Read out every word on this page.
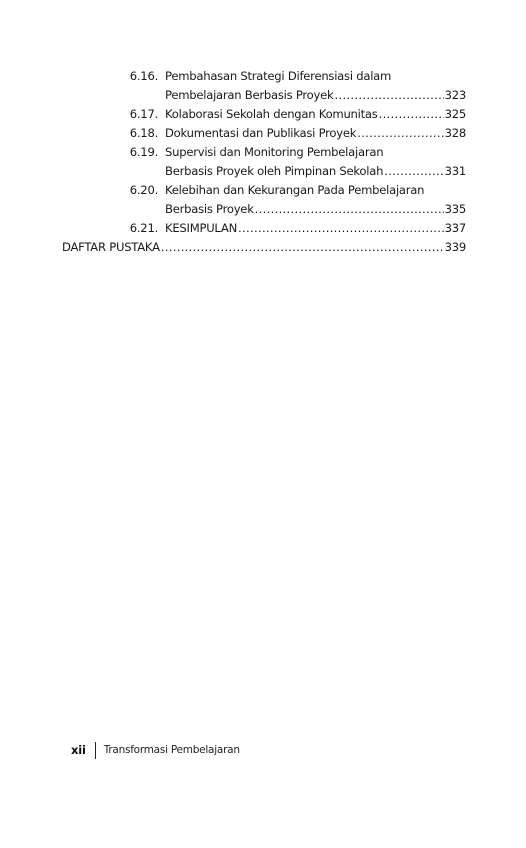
6.16. Pembahasan Strategi Diferensiasi dalam
Pembelajaran Berbasis Proyek .....	323
6.17. Kolaborasi Sekolah dengan Komunitas .....	325
6.18. Dokumentasi dan Publikasi Proyek .....	328
6.19. Supervisi dan Monitoring Pembelajaran
Berbasis Proyek oleh Pimpinan Sekolah .....	331
6.20. Kelebihan dan Kekurangan Pada Pembelajaran
Berbasis Proyek .....	335
6.21. KESIMPULAN .....	337
DAFTAR PUSTAKA .....	339
xii Transformasi Pembelajaran
